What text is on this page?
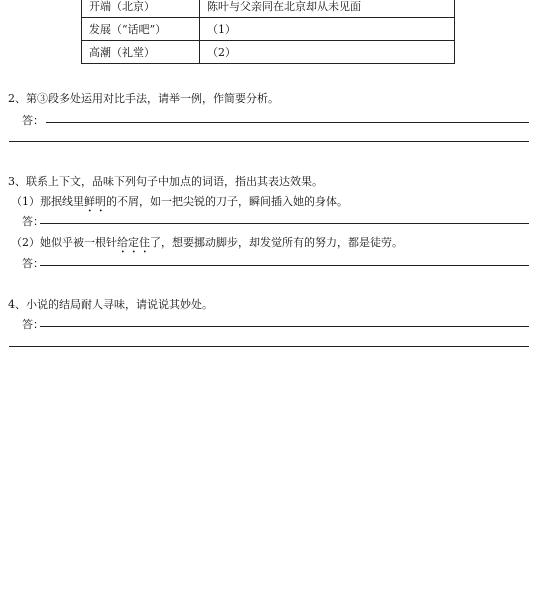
开端（北京）	陈叶与父亲同在北京却从未见面
发展（“话吧”）	（1）
高潮（礼堂）	（2）
2、第③段多处运用对比手法，请举一例，作简要分析。
答：
3、联系上下文，品味下列句子中加点的词语，指出其表达效果。
（1）那抿线里鲜明的不屑，如一把尖锐的刀子，瞬间插入她的身体。
答：
（2）她似乎被一根针给定住了，想要挪动脚步，却发觉所有的努力，都是徒劳。
答：
4、小说的结局耐人寻味，请说说其妙处。
答：
